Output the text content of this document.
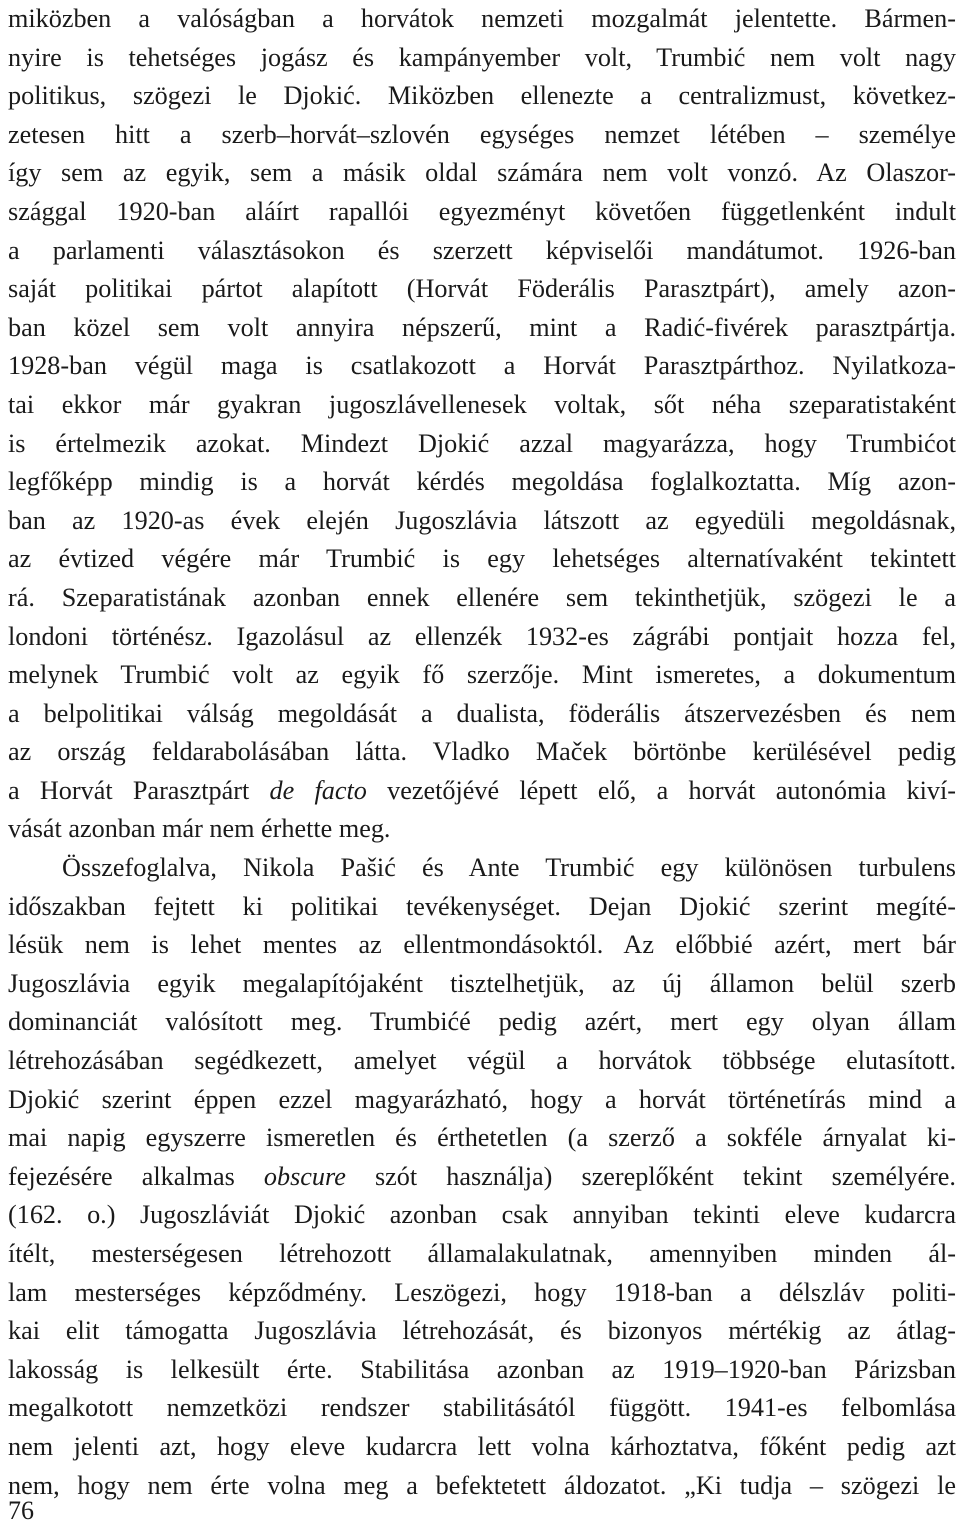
miközben a valóságban a horvátok nemzeti mozgalmát jelentette. Bármen-
nyire is tehetséges jogász és kampányember volt, Trumbić nem volt nagy
politikus, szögezi le Djokić. Miközben ellenezte a centralizmust, következ-
zetesen hitt a szerb–horvát–szlovén egységes nemzet létében – személye
így sem az egyik, sem a másik oldal számára nem volt vonzó. Az Olaszor-
szággal 1920-ban aláírt rapallói egyezményt követően függetlenként indult
a parlamenti választásokon és szerzett képviselői mandátumot. 1926-ban
saját politikai pártot alapított (Horvát Föderális Parasztpárt), amely azon-
ban közel sem volt annyira népszerű, mint a Radić-fivérek parasztpártja.
1928-ban végül maga is csatlakozott a Horvát Parasztpárthoz. Nyilatkoza-
tai ekkor már gyakran jugoszlávellenesek voltak, sőt néha szeparatistaként
is értelmezik azokat. Mindezt Djokić azzal magyarázza, hogy Trumbićot
legfőképp mindig is a horvát kérdés megoldása foglalkoztatta. Míg azon-
ban az 1920-as évek elején Jugoszlávia látszott az egyedüli megoldásnak,
az évtized végére már Trumbić is egy lehetséges alternatívaként tekintett
rá. Szeparatistának azonban ennek ellenére sem tekinthetjük, szögezi le a
londoni történész. Igazolásul az ellenzék 1932-es zágrábi pontjait hozza fel,
melynek Trumbić volt az egyik fő szerzője. Mint ismeretes, a dokumentum
a belpolitikai válság megoldását a dualista, föderális átszervezésben és nem
az ország feldarabolásában látta. Vladko Maček börtönbe kerülésével pedig
a Horvát Parasztpárt de facto vezetőjévé lépett elő, a horvát autonómia kiví-
vását azonban már nem érhette meg.
Összefoglalva, Nikola Pašić és Ante Trumbić egy különösen turbulens
időszakban fejtett ki politikai tevékenységet. Dejan Djokić szerint megíté-
lésük nem is lehet mentes az ellentmondásoktól. Az előbbié azért, mert bár
Jugoszlávia egyik megalapítójaként tisztelhetjük, az új államon belül szerb
dominanciát valósított meg. Trumbićé pedig azért, mert egy olyan állam
létrehozásában segédkezett, amelyet végül a horvátok többsége elutasított.
Djokić szerint éppen ezzel magyarázható, hogy a horvát történetírás mind a
mai napig egyszerre ismeretlen és érthetetlen (a szerző a sokféle árnyalat ki-
fejezésére alkalmas obscure szót használja) szereplőként tekint személyére.
(162. o.) Jugoszláviát Djokić azonban csak annyiban tekinti eleve kudarcra
ítélt, mesterségesen létrehozott államalakulatnak, amennyiben minden ál-
lam mesterséges képződmény. Leszögezi, hogy 1918-ban a délszláv politi-
kai elit támogatta Jugoszlávia létrehozását, és bizonyos mértékig az átlag-
lakosság is lelkesült érte. Stabilitása azonban az 1919–1920-ban Párizsban
megalkotott nemzetközi rendszer stabilitásától függött. 1941-es felbomlása
nem jelenti azt, hogy eleve kudarcra lett volna kárhoztatva, főként pedig azt
nem, hogy nem érte volna meg a befektetett áldozatot. „Ki tudja – szögezi le
76
